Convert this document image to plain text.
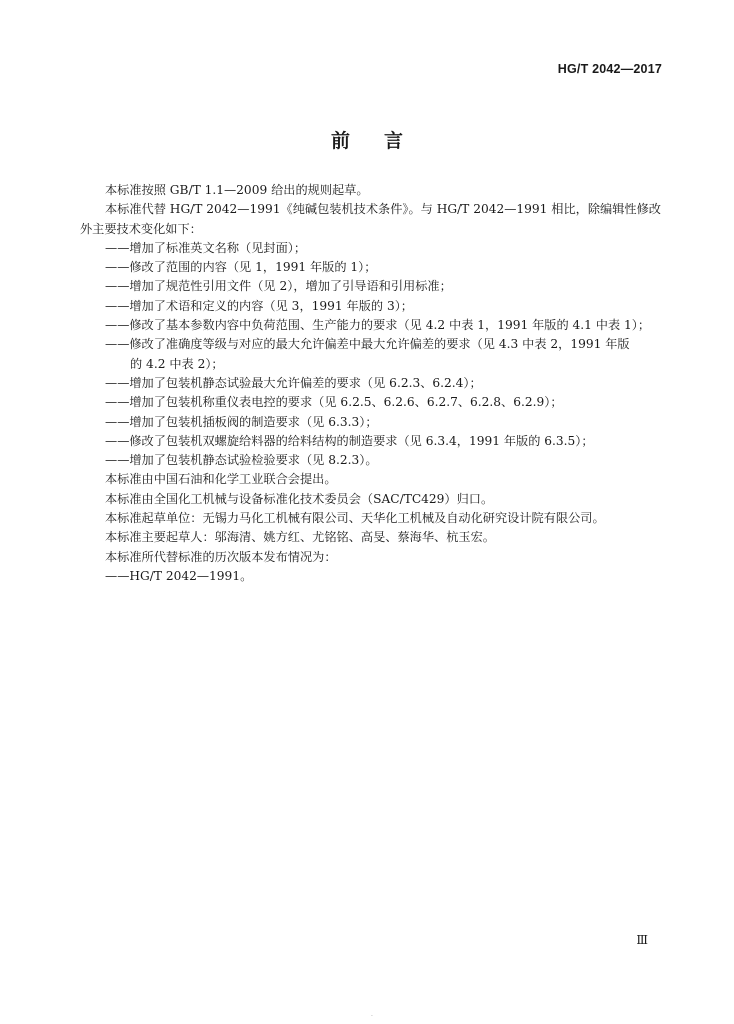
HG/T 2042—2017
前言

本标准按照 GB/T 1.1—2009 给出的规则起草。

本标准代替 HG/T 2042—1991《纯碱包装机技术条件》。与 HG/T 2042—1991 相比，除编辑性修改外主要技术变化如下：

——增加了标准英文名称（见封面）；

——修改了范围的内容（见 1，1991 年版的 1）；

——增加了规范性引用文件（见 2），增加了引导语和引用标准；

——增加了术语和定义的内容（见 3，1991 年版的 3）；

——修改了基本参数内容中负荷范围、生产能力的要求（见 4.2 中表 1，1991 年版的 4.1 中表 1）；

——修改了准确度等级与对应的最大允许偏差中最大允许偏差的要求（见 4.3 中表 2，1991 年版
的 4.2 中表 2）；

——增加了包装机静态试验最大允许偏差的要求（见 6.2.3、6.2.4）；

——增加了包装机称重仪表电控的要求（见 6.2.5、6.2.6、6.2.7、6.2.8、6.2.9）；

——增加了包装机插板阀的制造要求（见 6.3.3）；

——修改了包装机双螺旋给料器的给料结构的制造要求（见 6.3.4，1991 年版的 6.3.5）；

——增加了包装机静态试验检验要求（见 8.2.3）。

本标准由中国石油和化学工业联合会提出。

本标准由全国化工机械与设备标准化技术委员会（SAC/TC429）归口。

本标准起草单位：无锡力马化工机械有限公司、天华化工机械及自动化研究设计院有限公司。

本标准主要起草人：邬海清、姚方红、尤铭铭、高旻、蔡海华、杭玉宏。

本标准所代替标准的历次版本发布情况为：

——HG/T 2042—1991。

Ⅲ
·
